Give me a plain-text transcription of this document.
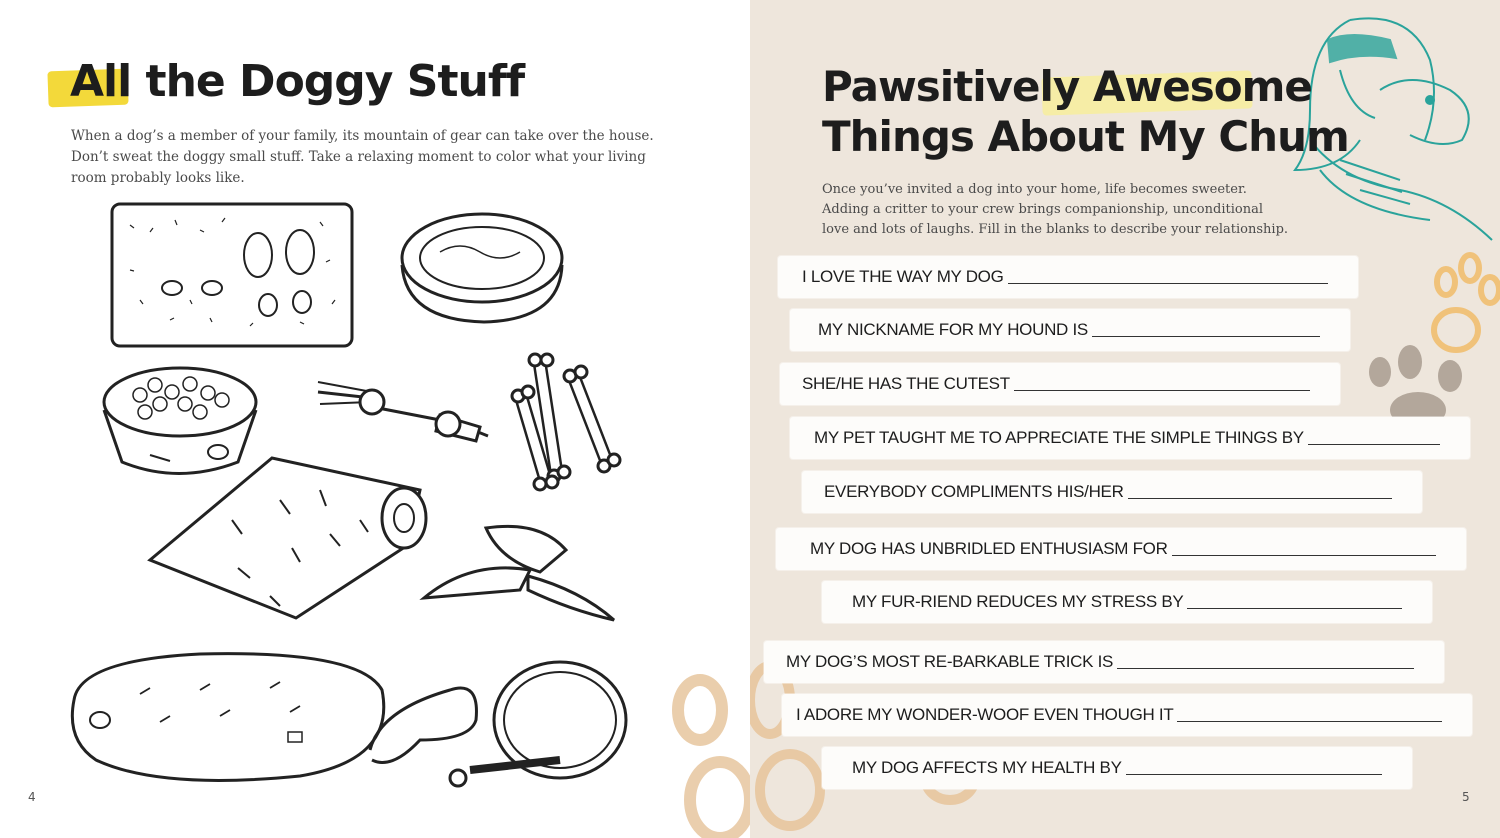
All the Doggy Stuff
When a dog’s a member of your family, its mountain of gear can take over the house. Don’t sweat the doggy small stuff. Take a relaxing moment to color what your living room probably looks like.
4
Pawsitively Awesome
Things About My Chum
Once you’ve invited a dog into your home, life becomes sweeter. Adding a critter to your crew brings companionship, unconditional love and lots of laughs. Fill in the blanks to describe your relationship.
I LOVE THE WAY MY DOG
MY NICKNAME FOR MY HOUND IS
SHE/HE HAS THE CUTEST
MY PET TAUGHT ME TO APPRECIATE THE SIMPLE THINGS BY
EVERYBODY COMPLIMENTS HIS/HER
MY DOG HAS UNBRIDLED ENTHUSIASM FOR
MY FUR-RIEND REDUCES MY STRESS BY
MY DOG’S MOST RE-BARKABLE TRICK IS
I ADORE MY WONDER-WOOF EVEN THOUGH IT
MY DOG AFFECTS MY HEALTH BY
5
